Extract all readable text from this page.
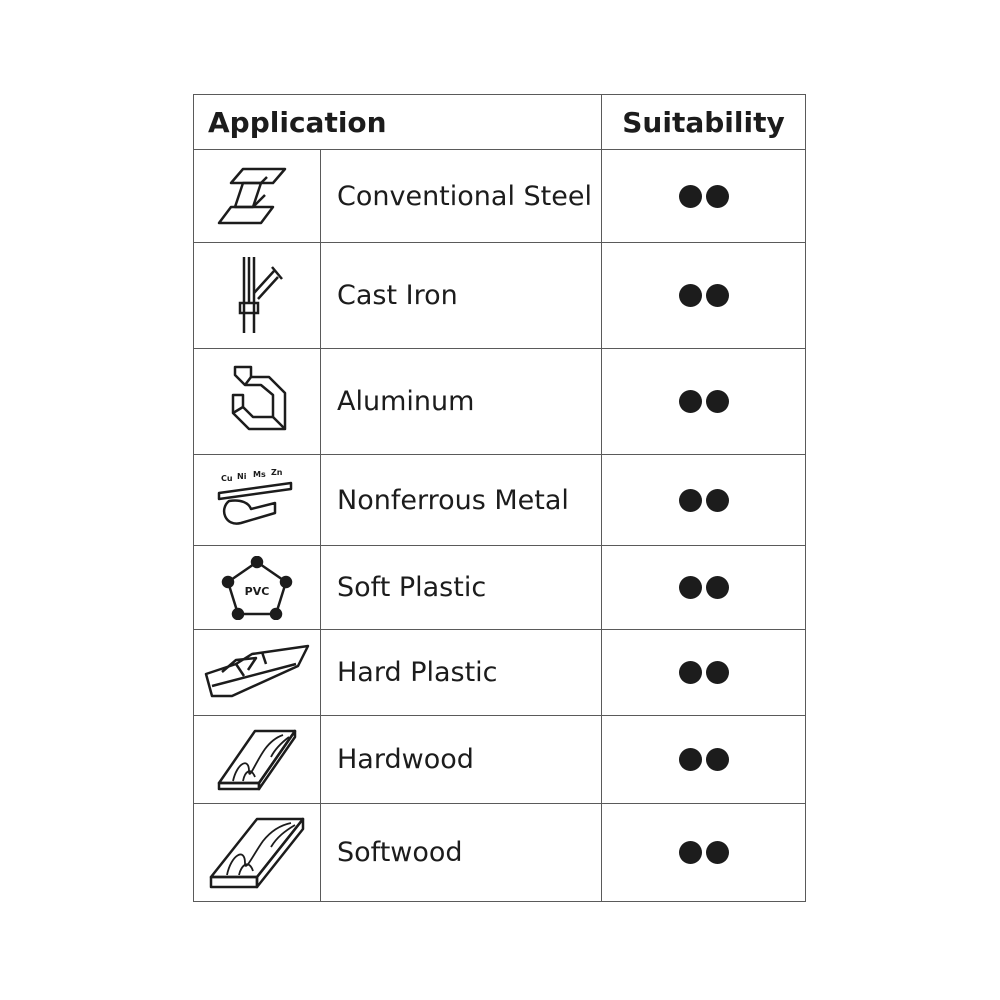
Application	Suitability
Conventional Steel
Cast Iron
Aluminum
Cu Ni Ms Zn
Nonferrous Metal
PVC	Soft Plastic
Hard Plastic
Hardwood
Softwood
